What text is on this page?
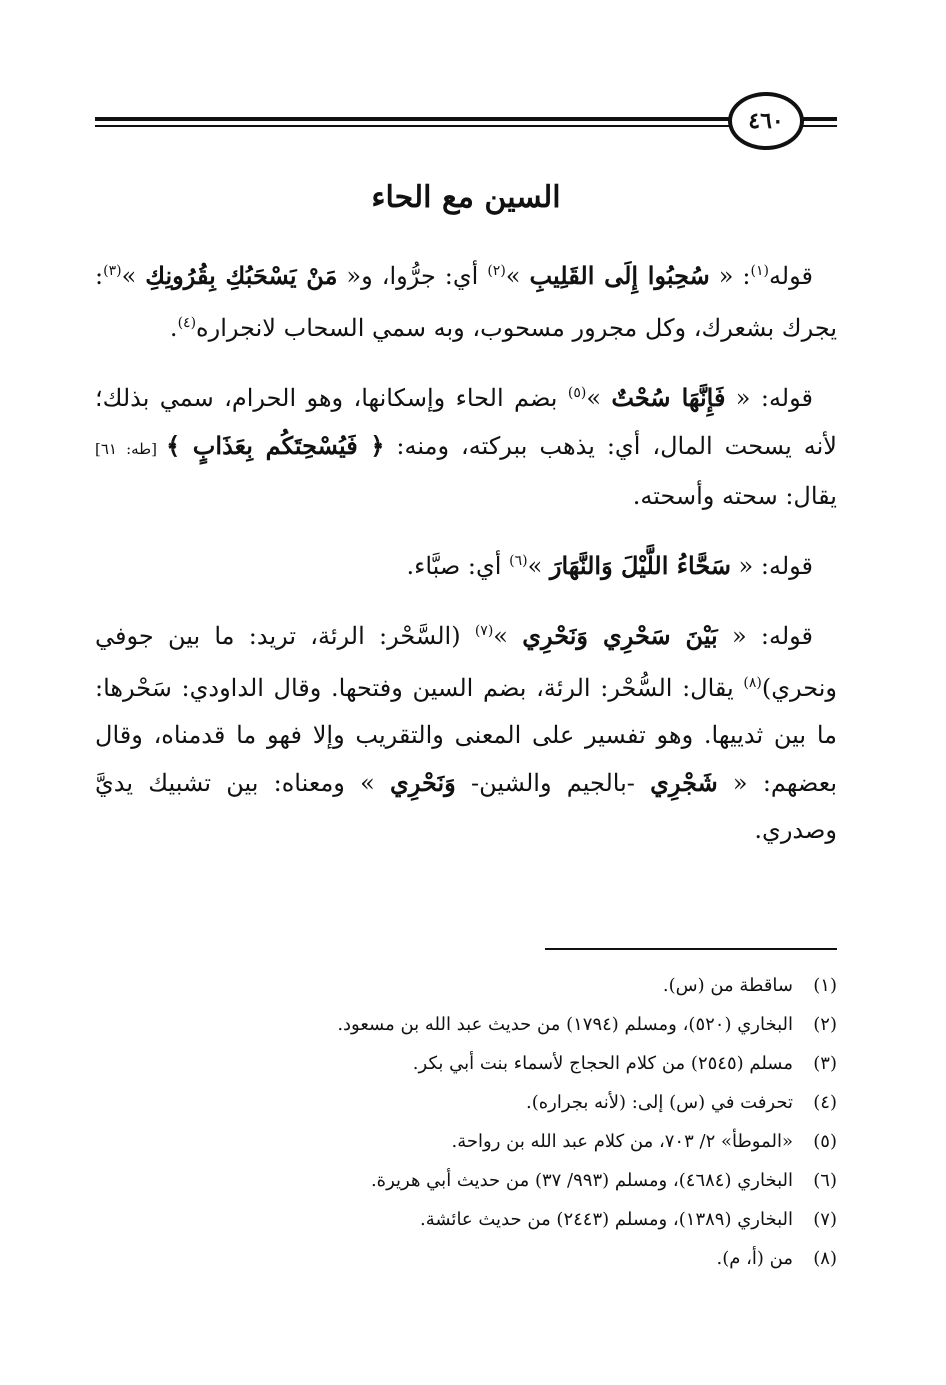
٤٦٠
السين مع الحاء

قوله$^{(١)}$: « سُحِبُوا إِلَى القَلِيبِ »$^{(٢)}$ أي: جرُّوا، و« مَنْ يَسْحَبُكِ بِقُرُونِكِ »$^{(٣)}$: يجرك بشعرك، وكل مجرور مسحوب، وبه سمي السحاب لانجراره$^{(٤)}$.

قوله: « فَإِنَّهَا سُحْتٌ »$^{(٥)}$ بضم الحاء وإسكانها، وهو الحرام، سمي بذلك؛ لأنه يسحت المال، أي: يذهب ببركته، ومنه: ﴿ فَيُسْحِتَكُم بِعَذَابٍ ﴾ [طه: ٦١] يقال: سحته وأسحته.

قوله: « سَحَّاءُ اللَّيْلَ وَالنَّهَارَ »$^{(٦)}$ أي: صبَّاء.

قوله: « بَيْنَ سَحْرِي وَنَحْرِي »$^{(٧)}$ (السَّحْر: الرئة، تريد: ما بين جوفي ونحري)$^{(٨)}$ يقال: السُّحْر: الرئة، بضم السين وفتحها. وقال الداودي: سَحْرها: ما بين ثدييها. وهو تفسير على المعنى والتقريب وإلا فهو ما قدمناه، وقال بعضهم: « شَجْرِي -بالجيم والشين- وَنَحْرِي » ومعناه: بين تشبيك يديَّ وصدري.

(١)ساقطة من (س).
(٢)البخاري (٥٢٠)، ومسلم (١٧٩٤) من حديث عبد الله بن مسعود.
(٣)مسلم (٢٥٤٥) من كلام الحجاج لأسماء بنت أبي بكر.
(٤)تحرفت في (س) إلى: (لأنه بجراره).
(٥)«الموطأ» ٢/ ٧٠٣، من كلام عبد الله بن رواحة.
(٦)البخاري (٤٦٨٤)، ومسلم (٩٩٣/ ٣٧) من حديث أبي هريرة.
(٧)البخاري (١٣٨٩)، ومسلم (٢٤٤٣) من حديث عائشة.
(٨)من (أ، م).
